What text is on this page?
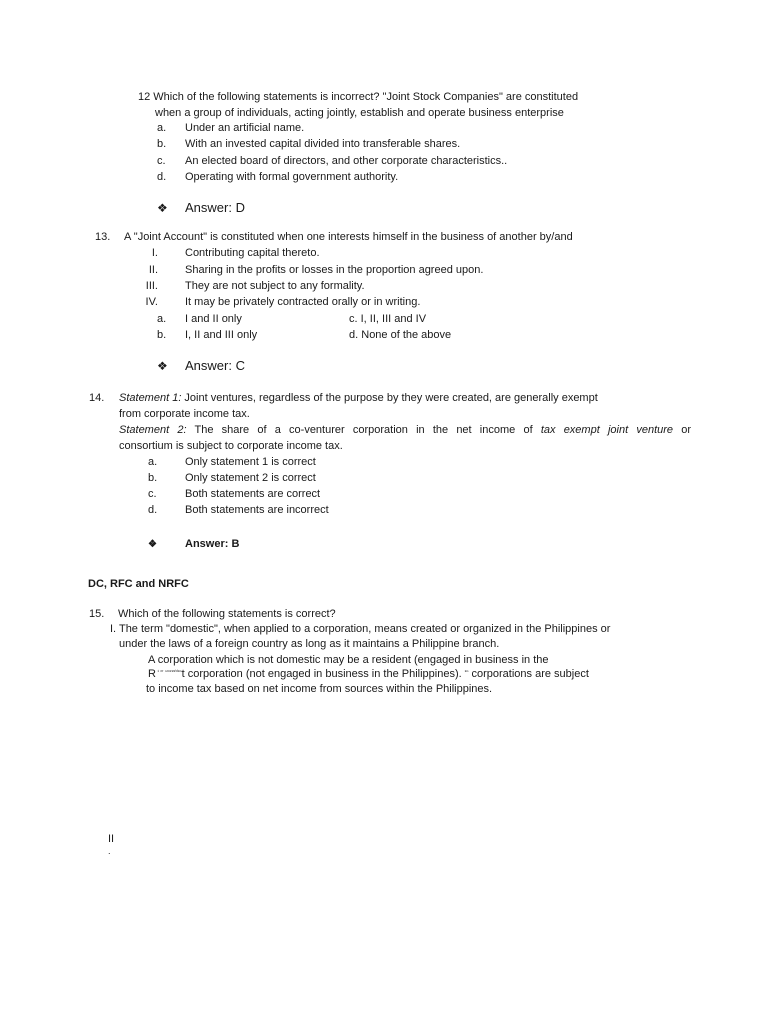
12 Which of the following statements is incorrect? "Joint Stock Companies" are constituted
when a group of individuals, acting jointly, establish and operate business enterprise
a. Under an artificial name.
b. With an invested capital divided into transferable shares.
c. An elected board of directors, and other corporate characteristics..
d. Operating with formal government authority.
❖ Answer: D
13. A "Joint Account" is constituted when one interests himself in the business of another by/and
I. Contributing capital thereto.
II. Sharing in the profits or losses in the proportion agreed upon.
III. They are not subject to any formality.
IV. It may be privately contracted orally or in writing.
a. I and II only	c. I, II, III and IV
b. I, II and III only	d. None of the above
❖ Answer: C
14. Statement 1: Joint ventures, regardless of the purpose by they were created, are generally exempt
from corporate income tax.
Statement 2: The share of a co-venturer corporation in the net income of tax exempt joint venture or
consortium is subject to corporate income tax.
a.	Only statement 1 is correct
b.	Only statement 2 is correct
c.	Both statements are correct
d.	Both statements are incorrect
❖	Answer: B
DC, RFC and NRFC
15. Which of the following statements is correct?
I. The term "domestic", when applied to a corporation, means created or organized in the Philippines or
under the laws of a foreign country as long as it maintains a Philippine branch.
A corporation which is not domestic may be a resident (engaged in business in the
R $^{^1 ᵒʳ ^nᵒ^nʳᵉˢ^iᵈᵉ^n}$t corporation (not engaged in business in the Philippines). $^{ᵉ^n}$ corporations are subject
to income tax based on net income from sources within the Philippines.
II
.
